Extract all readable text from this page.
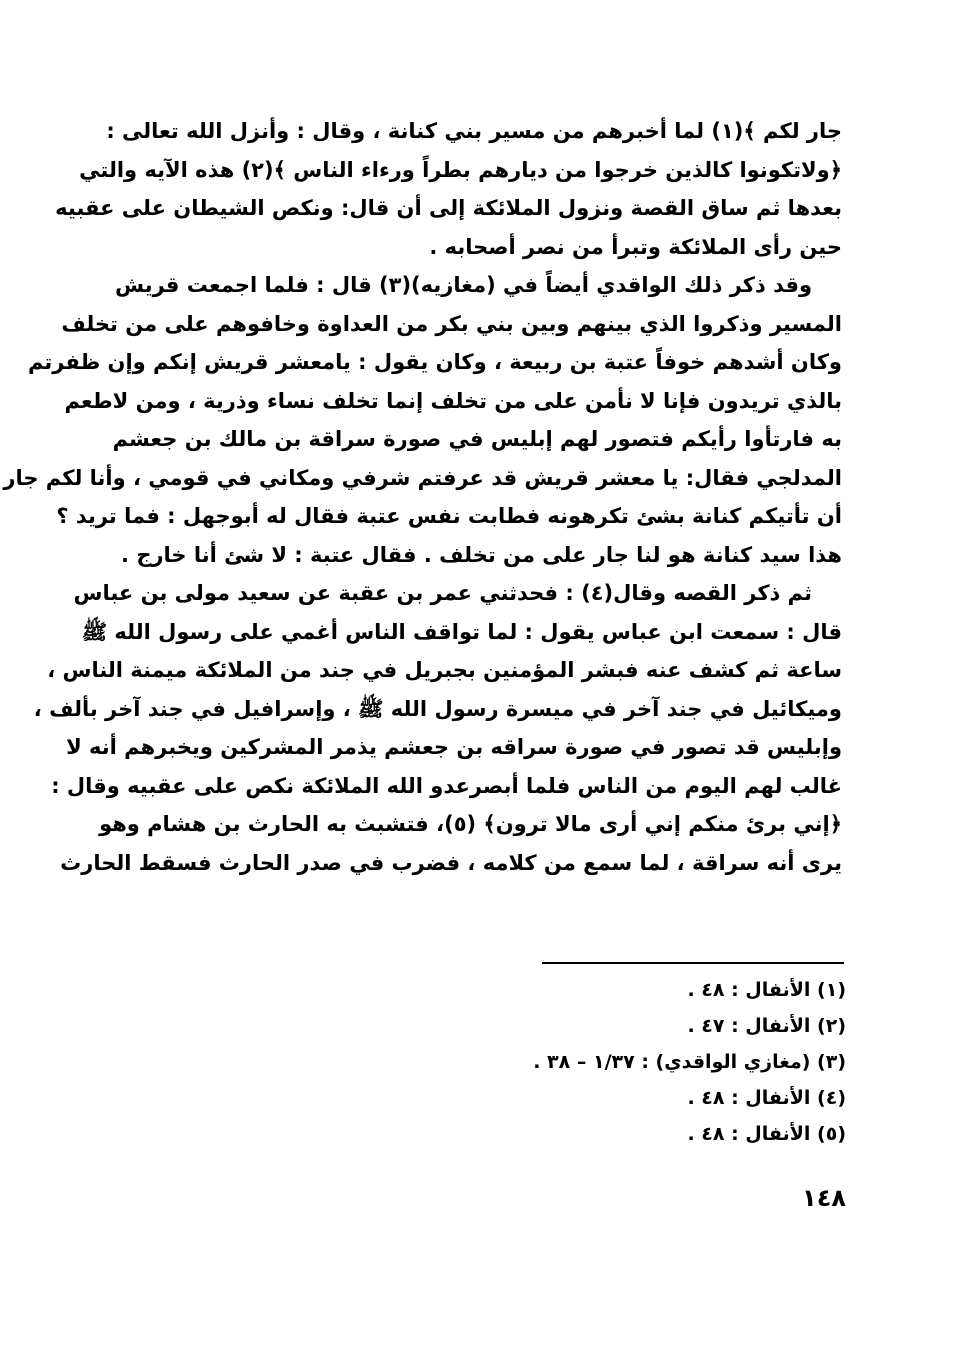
جار لكم ﴾(١) لما أخبرهم من مسير بني كنانة ، وقال : وأنزل الله تعالى :
﴿ولاتكونوا كالذين خرجوا من ديارهم بطراً ورءاء الناس ﴾(٢) هذه الآيه والتي
بعدها ثم ساق القصة ونزول الملائكة إلى أن قال: ونكص الشيطان على عقبيه
حين رأى الملائكة وتبرأ من نصر أصحابه .
وقد ذكر ذلك الواقدي أيضاً في (مغازيه)(٣) قال : فلما اجمعت قريش
المسير وذكروا الذي بينهم وبين بني بكر من العداوة وخافوهم على من تخلف
وكان أشدهم خوفاً عتبة بن ربيعة ، وكان يقول : يامعشر قريش إنكم وإن ظفرتم
بالذي تريدون فإنا لا نأمن على من تخلف إنما تخلف نساء وذرية ، ومن لاطعم
به فارتأوا رأيكم فتصور لهم إبليس في صورة سراقة بن مالك بن جعشم
المدلجي فقال: يا معشر قريش قد عرفتم شرفي ومكاني في قومي ، وأنا لكم جار
أن تأتيكم كنانة بشئ تكرهونه فطابت نفس عتبة فقال له أبوجهل : فما تريد ؟
هذا سيد كنانة هو لنا جار على من تخلف . فقال عتبة : لا شئ أنا خارج .
ثم ذكر القصه وقال(٤) : فحدثني عمر بن عقبة عن سعيد مولى بن عباس
قال : سمعت ابن عباس يقول : لما تواقف الناس أغمي على رسول الله ﷺ
ساعة ثم كشف عنه فبشر المؤمنين بجبريل في جند من الملائكة ميمنة الناس ،
وميكائيل في جند آخر في ميسرة رسول الله ﷺ ، وإسرافيل في جند آخر بألف ،
وإبليس قد تصور في صورة سراقه بن جعشم يذمر المشركين ويخبرهم أنه لا
غالب لهم اليوم من الناس فلما أبصرعدو الله الملائكة نكص على عقبيه وقال :
﴿إني برئ منكم إني أرى مالا ترون﴾ (٥)، فتشبث به الحارث بن هشام وهو
يرى أنه سراقة ، لما سمع من كلامه ، فضرب في صدر الحارث فسقط الحارث
(١) الأنفال : ٤٨ .
(٢) الأنفال : ٤٧ .
(٣) (مغازي الواقدي) : ١/٣٧ – ٣٨ .
(٤) الأنفال : ٤٨ .
(٥) الأنفال : ٤٨ .
١٤٨
